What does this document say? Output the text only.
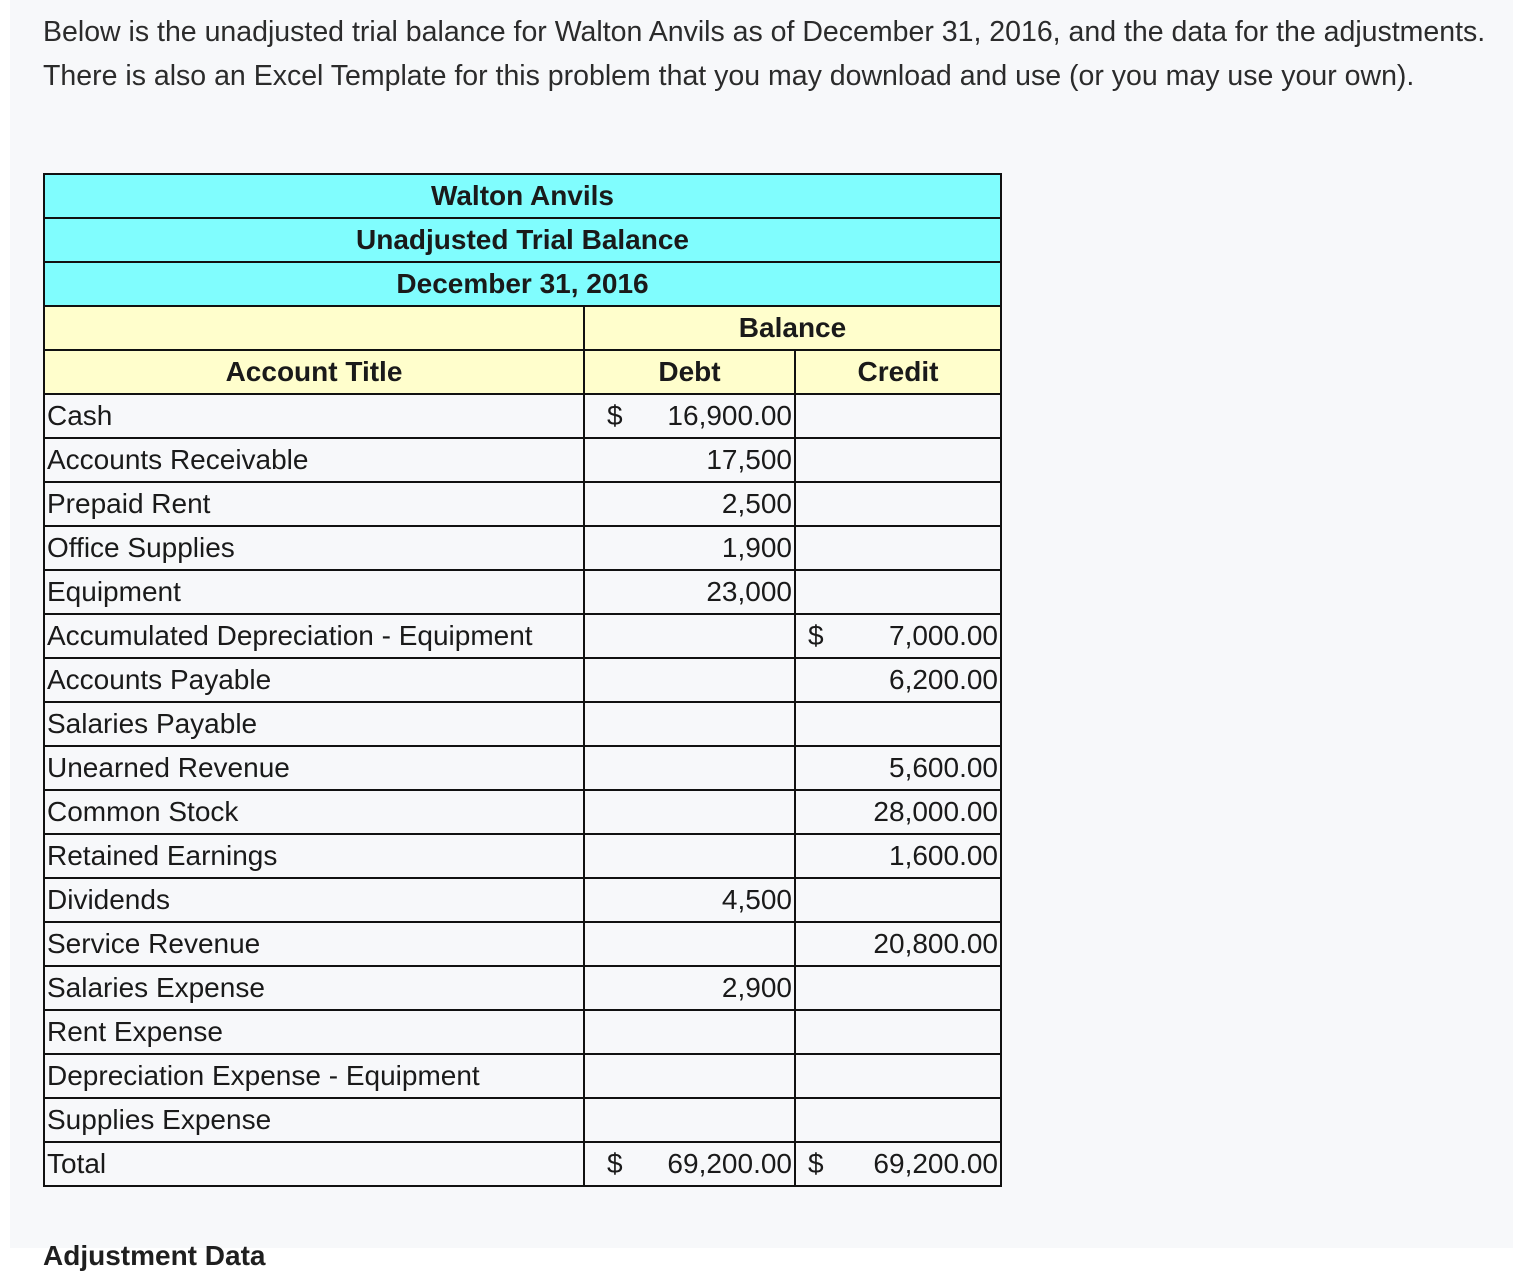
Below is the unadjusted trial balance for Walton Anvils as of December 31, 2016, and the data for the adjustments. There is also an Excel Template for this problem that you may download and use (or you may use your own).

Walton Anvils		
Unadjusted Trial Balance		
December 31, 2016		
	Balance	
Account Title	Debt	Credit
Cash	$ 16,900.00	

Accounts Receivable	17,500	

Prepaid Rent	2,500	

Office Supplies	1,900	

Equipment	23,000	

Accumulated Depreciation - Equipment		$ 7,000.00
Accounts Payable		6,200.00
Salaries Payable	

Unearned Revenue		5,600.00
Common Stock		28,000.00
Retained Earnings		1,600.00
Dividends	4,500	

Service Revenue		20,800.00
Salaries Expense	2,900	

Rent Expense	

Depreciation Expense - Equipment	

Supplies Expense	

Total	$ 69,200.00	$ 69,200.00
Adjustment Data
